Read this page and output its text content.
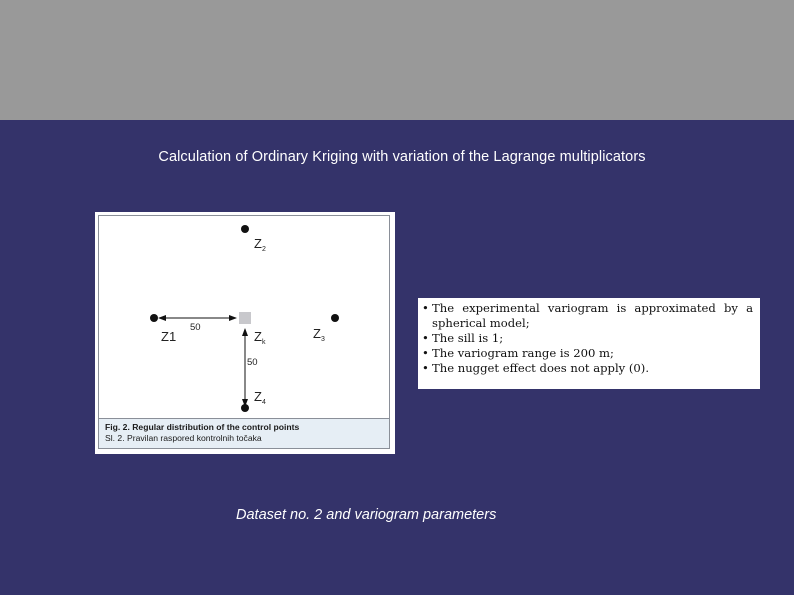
Calculation of Ordinary Kriging with variation of the Lagrange multiplicators
$Z_2$
Z1	$Z_k$
$Z_3$
$Z_4$
50
50
Fig. 2. Regular distribution of the control points
Sl. 2. Pravilan raspored kontrolnih točaka
• The experimental variogram is approximated by a
spherical model;
• The sill is 1;
• The variogram range is 200 m;
• The nugget effect does not apply (0).
Dataset no. 2 and variogram parameters
